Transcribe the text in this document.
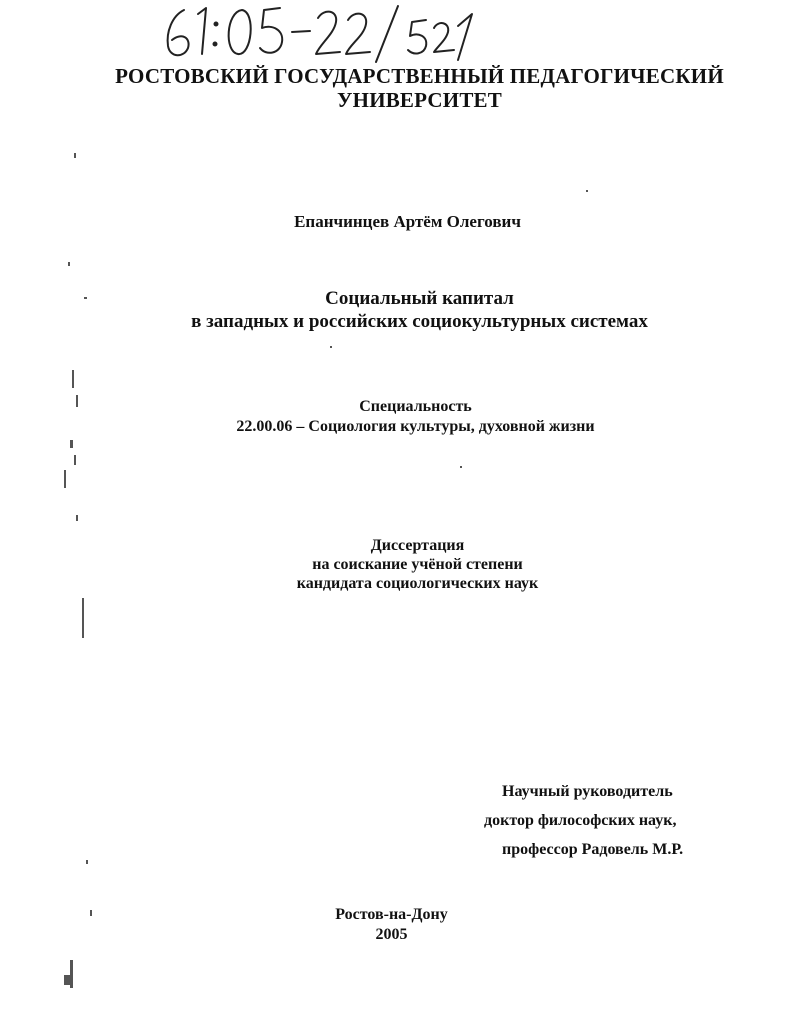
РОСТОВСКИЙ ГОСУДАРСТВЕННЫЙ ПЕДАГОГИЧЕСКИЙ
УНИВЕРСИТЕТ
Епанчинцев Артём Олегович
Социальный капитал
в западных и российских социокультурных системах
Специальность
22.00.06 – Социология культуры, духовной жизни
Диссертация
на соискание учёной степени
кандидата социологических наук
Научный руководитель
доктор философских наук,
профессор Радовель М.Р.
Ростов-на-Дону
2005
